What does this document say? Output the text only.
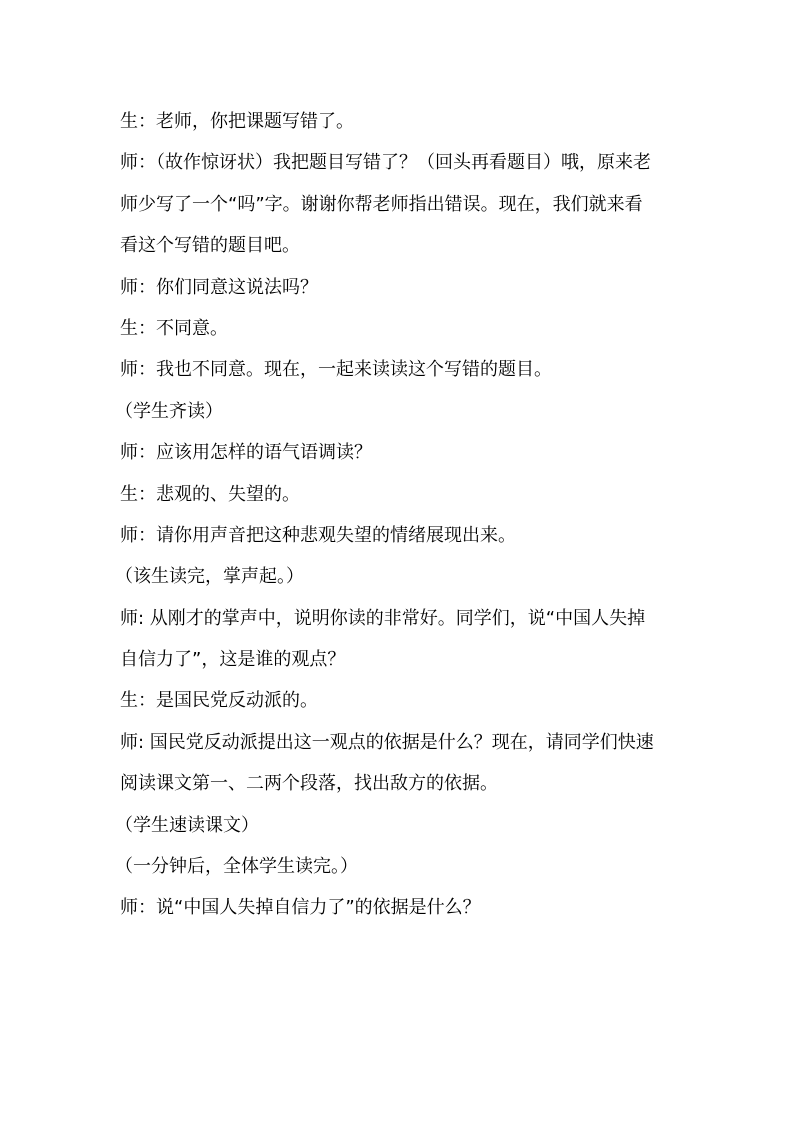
生：老师，你把课题写错了。
师：（故作惊讶状）我把题目写错了？（回头再看题目）哦，原来老
师少写了一个“吗”字。谢谢你帮老师指出错误。现在，我们就来看
看这个写错的题目吧。
师：你们同意这说法吗？
生：不同意。
师：我也不同意。现在，一起来读读这个写错的题目。
（学生齐读）
师：应该用怎样的语气语调读？
生：悲观的、失望的。
师：请你用声音把这种悲观失望的情绪展现出来。
（该生读完，掌声起。）
师: 从刚才的掌声中，说明你读的非常好。同学们，说“中国人失掉
自信力了”，这是谁的观点？
生：是国民党反动派的。
师: 国民党反动派提出这一观点的依据是什么？现在，请同学们快速
阅读课文第一、二两个段落，找出敌方的依据。
（学生速读课文）
（一分钟后，全体学生读完。）
师：说“中国人失掉自信力了”的依据是什么？
